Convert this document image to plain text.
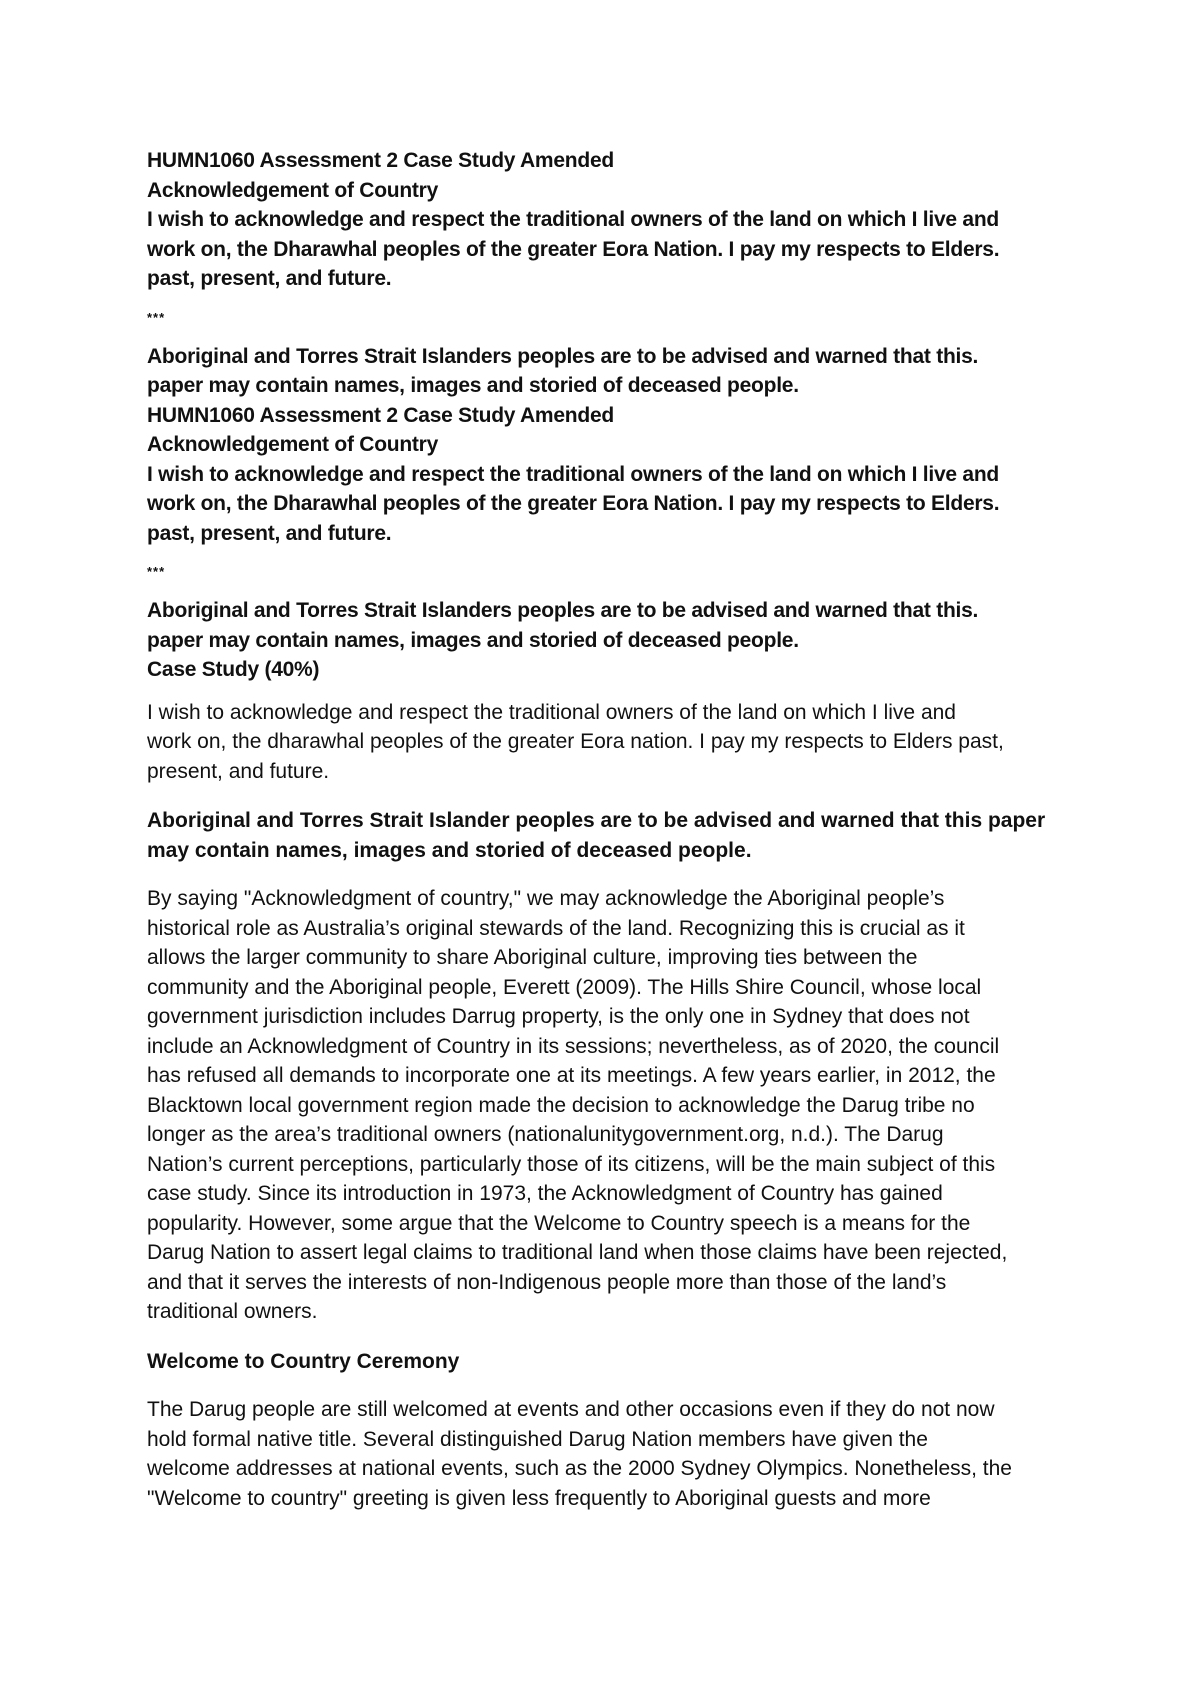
HUMN1060 Assessment 2 Case Study Amended

Acknowledgement of Country

I wish to acknowledge and respect the traditional owners of the land on which I live and

work on, the Dharawhal peoples of the greater Eora Nation. I pay my respects to Elders.

past, present, and future.

***

Aboriginal and Torres Strait Islanders peoples are to be advised and warned that this.

paper may contain names, images and storied of deceased people.

HUMN1060 Assessment 2 Case Study Amended

Acknowledgement of Country

I wish to acknowledge and respect the traditional owners of the land on which I live and

work on, the Dharawhal peoples of the greater Eora Nation. I pay my respects to Elders.

past, present, and future.

***

Aboriginal and Torres Strait Islanders peoples are to be advised and warned that this.

paper may contain names, images and storied of deceased people.

Case Study (40%)

I wish to acknowledge and respect the traditional owners of the land on which I live and

work on, the dharawhal peoples of the greater Eora nation. I pay my respects to Elders past,

present, and future.

Aboriginal and Torres Strait Islander peoples are to be advised and warned that this paper

may contain names, images and storied of deceased people.

By saying "Acknowledgment of country," we may acknowledge the Aboriginal people’s

historical role as Australia’s original stewards of the land. Recognizing this is crucial as it

allows the larger community to share Aboriginal culture, improving ties between the

community and the Aboriginal people, Everett (2009). The Hills Shire Council, whose local

government jurisdiction includes Darrug property, is the only one in Sydney that does not

include an Acknowledgment of Country in its sessions; nevertheless, as of 2020, the council

has refused all demands to incorporate one at its meetings. A few years earlier, in 2012, the

Blacktown local government region made the decision to acknowledge the Darug tribe no

longer as the area’s traditional owners (nationalunitygovernment.org, n.d.). The Darug

Nation’s current perceptions, particularly those of its citizens, will be the main subject of this

case study. Since its introduction in 1973, the Acknowledgment of Country has gained

popularity. However, some argue that the Welcome to Country speech is a means for the

Darug Nation to assert legal claims to traditional land when those claims have been rejected,

and that it serves the interests of non-Indigenous people more than those of the land’s

traditional owners.

Welcome to Country Ceremony

The Darug people are still welcomed at events and other occasions even if they do not now

hold formal native title. Several distinguished Darug Nation members have given the

welcome addresses at national events, such as the 2000 Sydney Olympics. Nonetheless, the

"Welcome to country" greeting is given less frequently to Aboriginal guests and more
